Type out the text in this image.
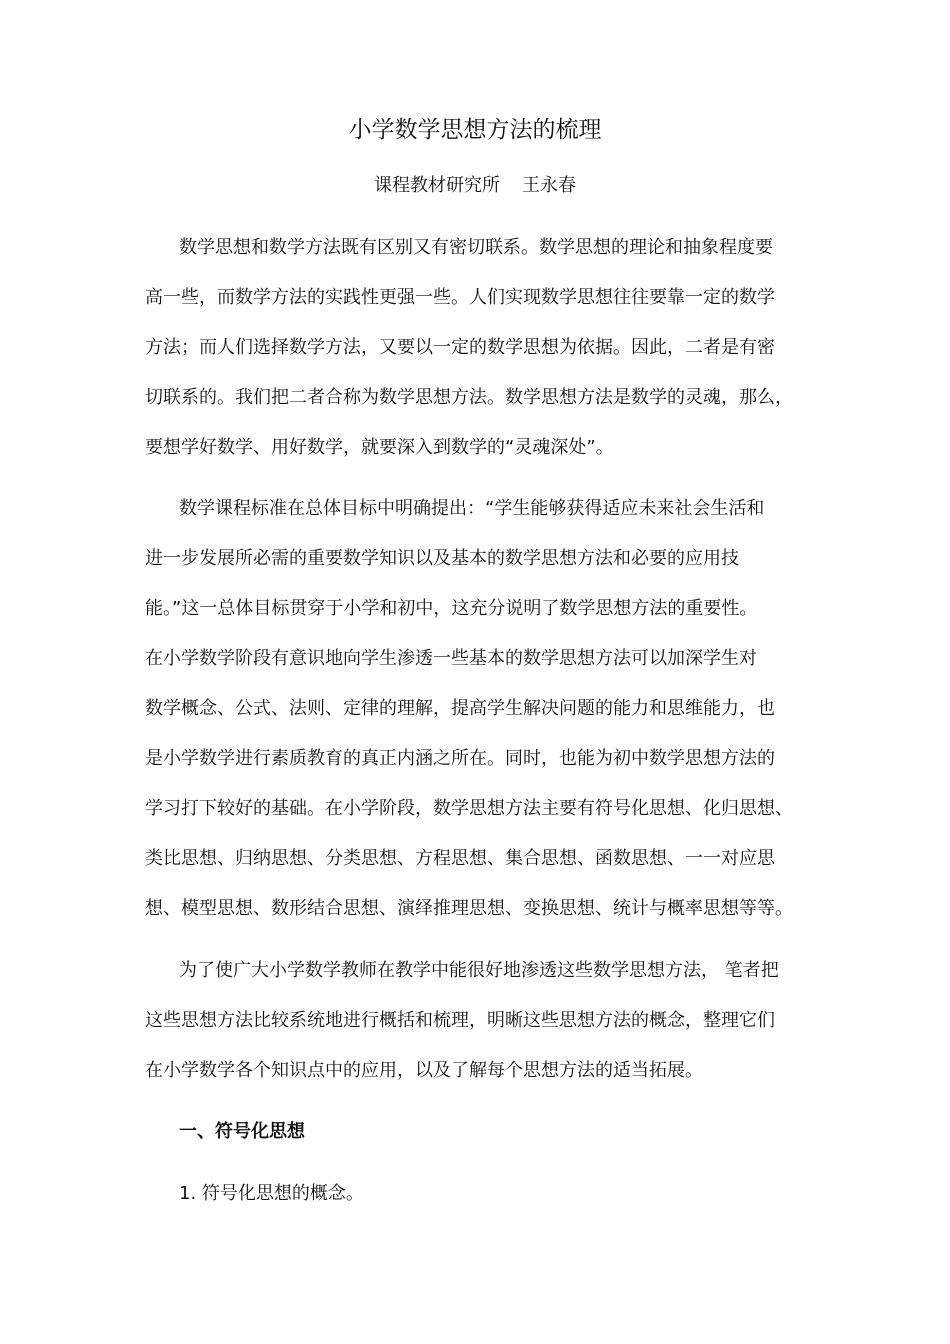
小学数学思想方法的梳理
课程教材研究所 王永春
数学思想和数学方法既有区别又有密切联系。数学思想的理论和抽象程度要
高一些，而数学方法的实践性更强一些。人们实现数学思想往往要靠一定的数学
方法；而人们选择数学方法，又要以一定的数学思想为依据。因此，二者是有密
切联系的。我们把二者合称为数学思想方法。数学思想方法是数学的灵魂，那么，
要想学好数学、用好数学，就要深入到数学的“灵魂深处”。
数学课程标准在总体目标中明确提出：“学生能够获得适应未来社会生活和
进一步发展所必需的重要数学知识以及基本的数学思想方法和必要的应用技
能。”这一总体目标贯穿于小学和初中，这充分说明了数学思想方法的重要性。
在小学数学阶段有意识地向学生渗透一些基本的数学思想方法可以加深学生对
数学概念、公式、法则、定律的理解，提高学生解决问题的能力和思维能力，也
是小学数学进行素质教育的真正内涵之所在。同时，也能为初中数学思想方法的
学习打下较好的基础。在小学阶段，数学思想方法主要有符号化思想、化归思想、
类比思想、归纳思想、分类思想、方程思想、集合思想、函数思想、一一对应思
想、模型思想、数形结合思想、演绎推理思想、变换思想、统计与概率思想等等。
为了使广大小学数学教师在教学中能很好地渗透这些数学思想方法， 笔者把
这些思想方法比较系统地进行概括和梳理，明晰这些思想方法的概念，整理它们
在小学数学各个知识点中的应用，以及了解每个思想方法的适当拓展。
一、符号化思想
1. 符号化思想的概念。
